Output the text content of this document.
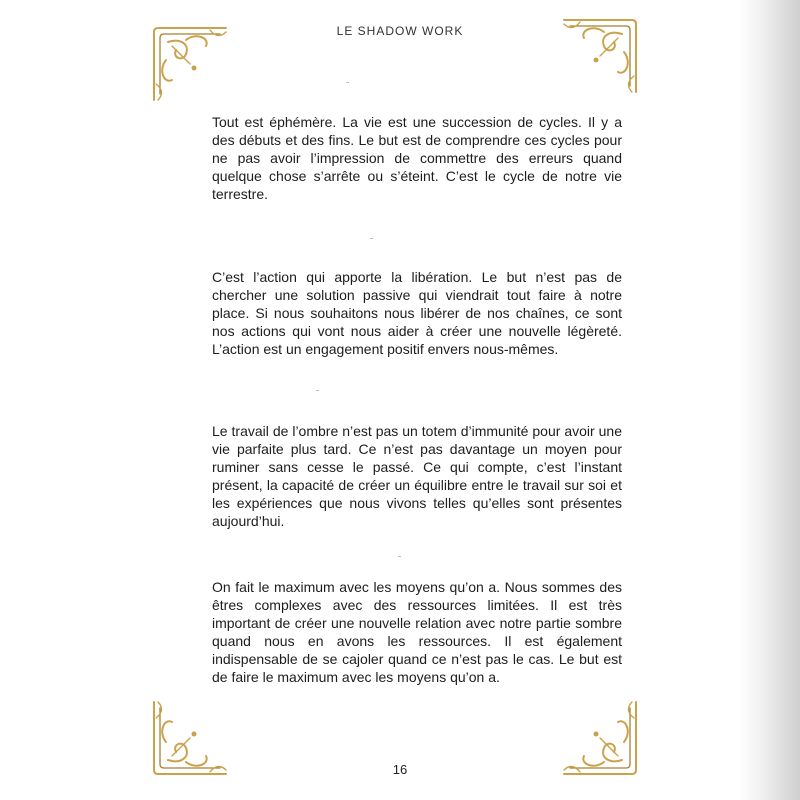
LE SHADOW WORK

Tout est éphémère. La vie est une succession de cycles. Il y a des débuts et des fins. Le but est de comprendre ces cycles pour ne pas avoir l’impression de commettre des erreurs quand quelque chose s’arrête ou s’éteint. C’est le cycle de notre vie terrestre.

C’est l’action qui apporte la libération. Le but n’est pas de chercher une solution passive qui viendrait tout faire à notre place. Si nous souhaitons nous libérer de nos chaînes, ce sont nos actions qui vont nous aider à créer une nouvelle légèreté. L’action est un engagement positif envers nous-mêmes.

Le travail de l’ombre n’est pas un totem d’immunité pour avoir une vie parfaite plus tard. Ce n’est pas davantage un moyen pour ruminer sans cesse le passé. Ce qui compte, c’est l’instant présent, la capacité de créer un équilibre entre le travail sur soi et les expériences que nous vivons telles qu’elles sont présentes aujourd’hui.

On fait le maximum avec les moyens qu’on a. Nous sommes des êtres complexes avec des ressources limitées. Il est très important de créer une nouvelle relation avec notre partie sombre quand nous en avons les ressources. Il est également indispensable de se cajoler quand ce n’est pas le cas. Le but est de faire le maximum avec les moyens qu’on a.

16
